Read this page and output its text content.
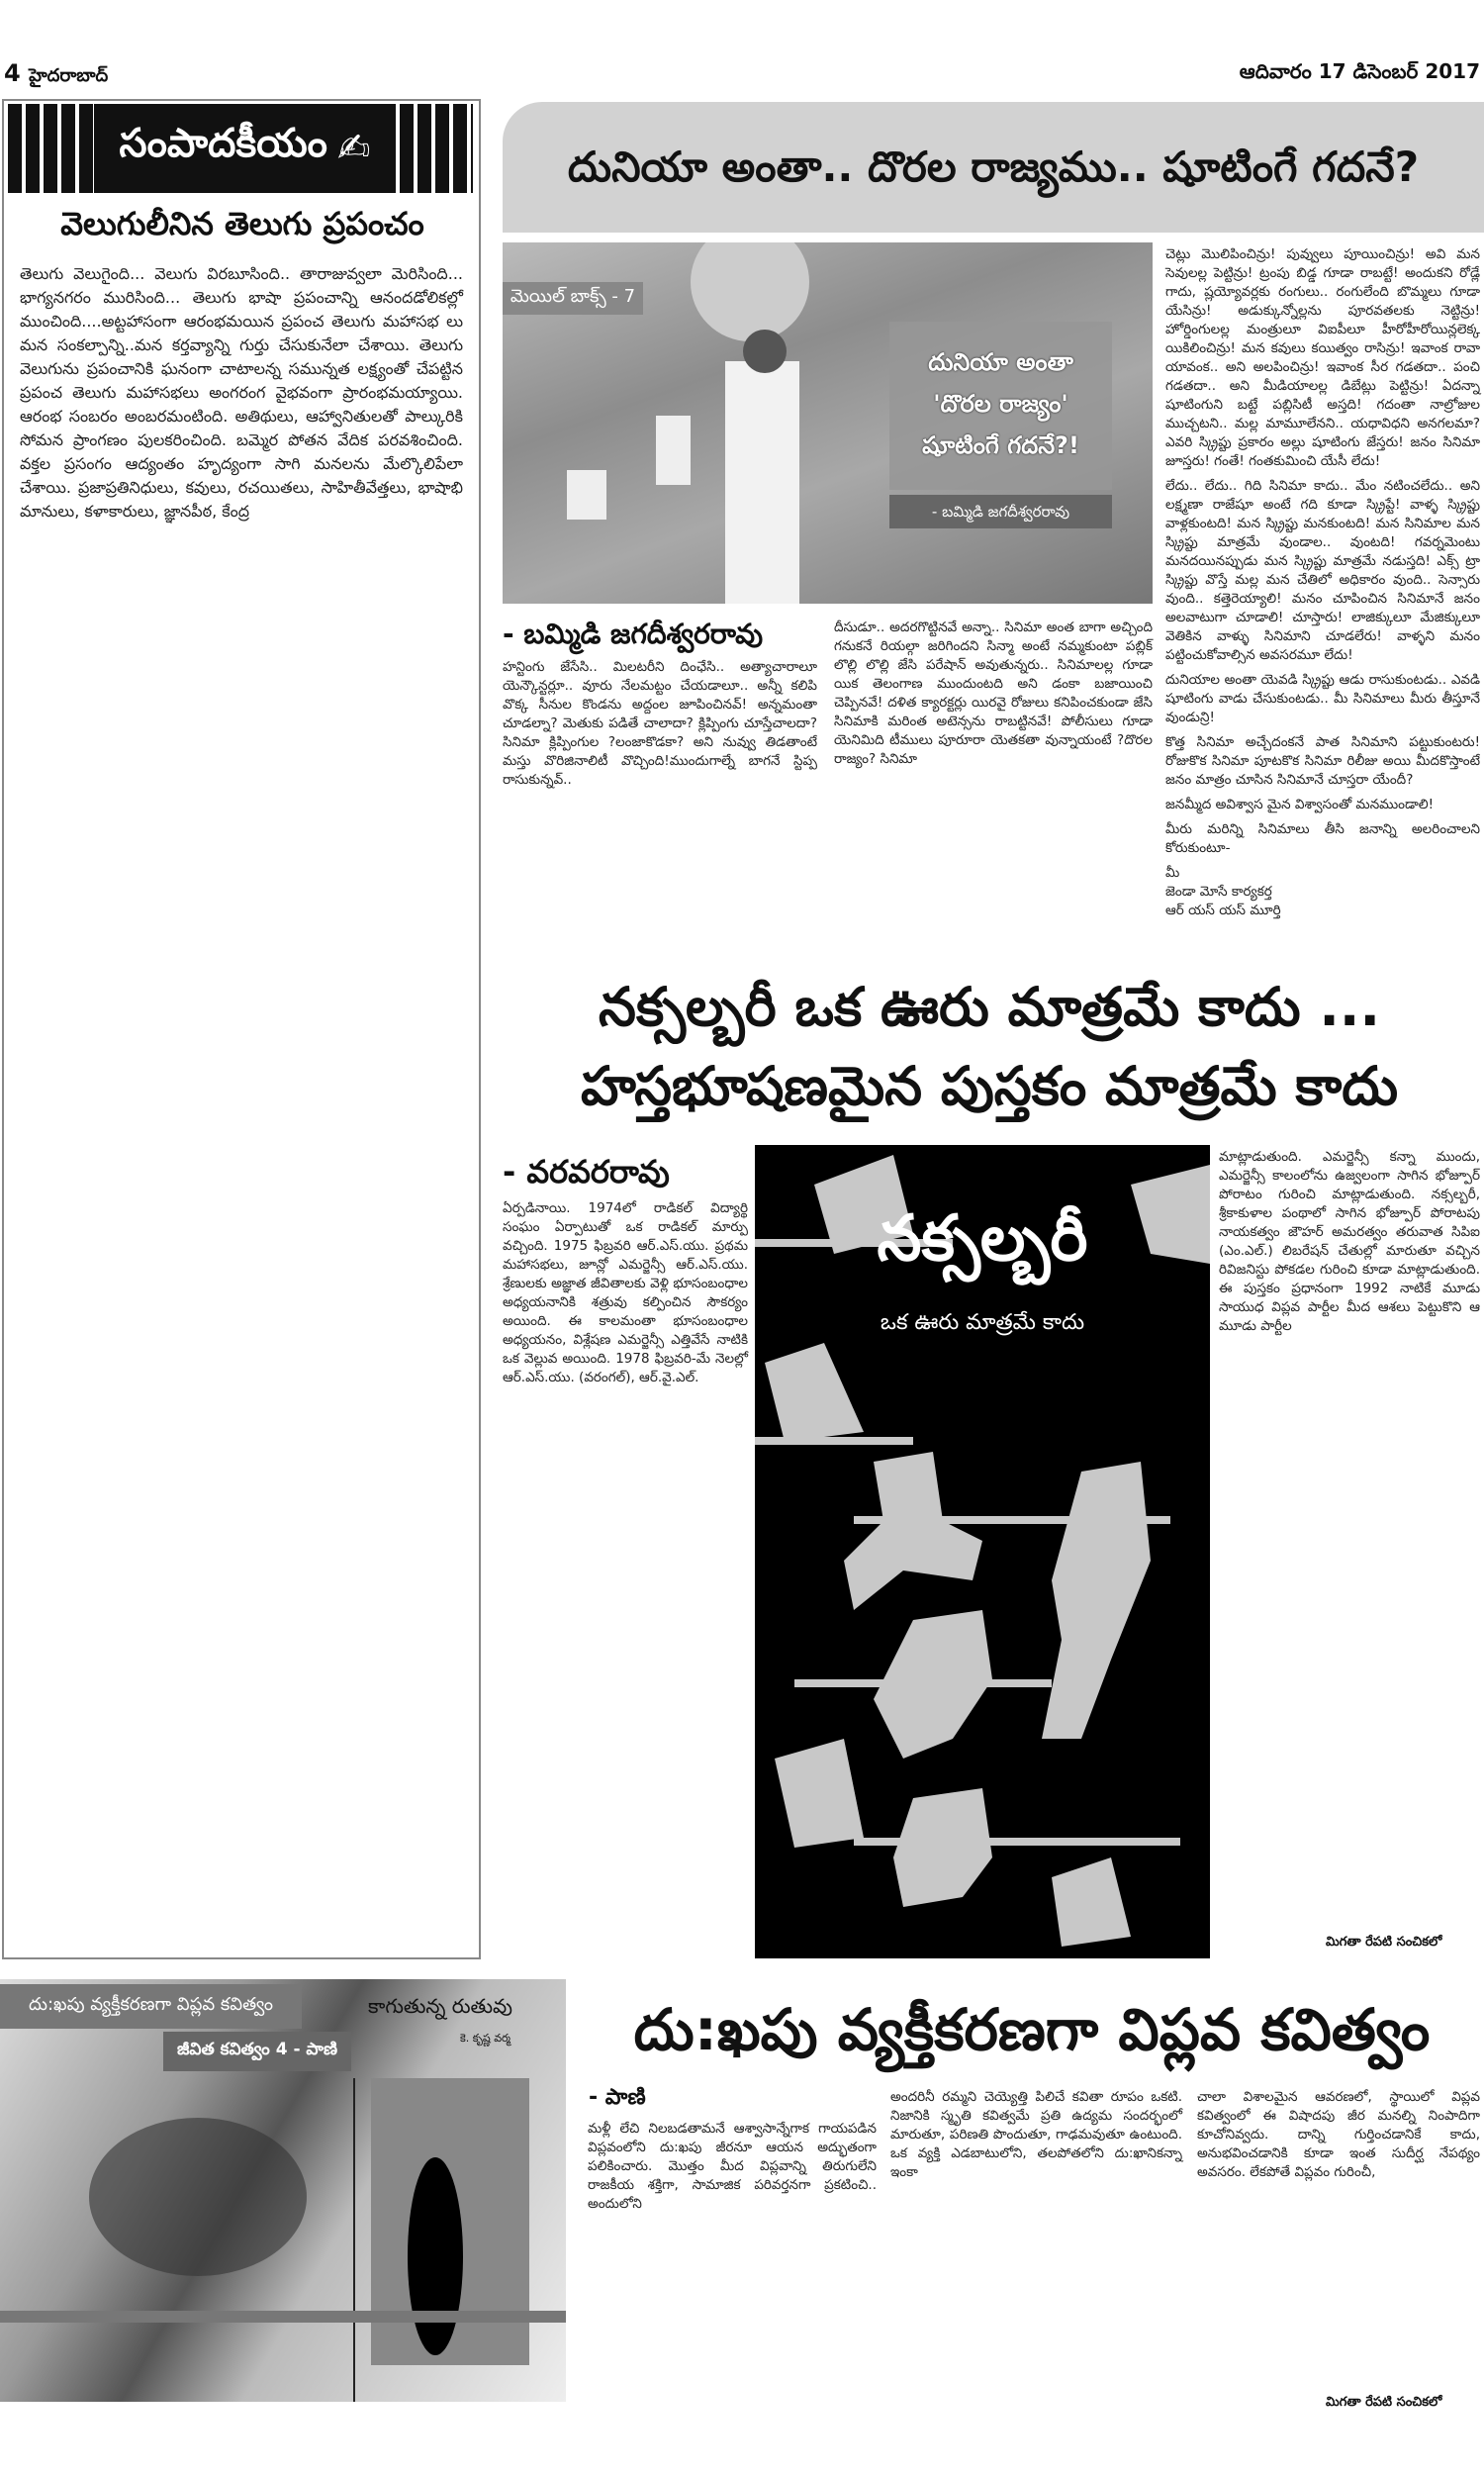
4 హైదరాబాద్	ఆదివారం 17 డిసెంబర్ 2017
సంపాదకీయం ✍
వెలుగులీనిన తెలుగు ప్రపంచం

తెలుగు వెలుగైంది... వెలుగు విరబూసింది.. తారాజువ్వలా మెరిసింది... భాగ్యనగరం మురిసింది... తెలుగు భాషా ప్రపంచాన్ని ఆనందడోలికల్లో ముంచింది....అట్టహాసంగా ఆరంభమయిన ప్రపంచ తెలుగు మహాసభ లు మన సంకల్పాన్ని..మన కర్తవ్యాన్ని గుర్తు చేసుకునేలా చేశాయి. తెలుగు వెలుగును ప్రపంచానికి ఘనంగా చాటాలన్న సమున్నత లక్ష్యంతో చేపట్టిన ప్రపంచ తెలుగు మహాసభలు అంగరంగ వైభవంగా ప్రారంభమయ్యాయి. ఆరంభ సంబరం అంబరమంటింది. అతిథులు, ఆహ్వానితులతో పాల్కురికి సోమన ప్రాంగణం పులకరించింది. బమ్మెర పోతన వేదిక పరవశించింది. వక్తల ప్రసంగం ఆద్యంతం హృద్యంగా సాగి మనలను మేల్కొలిపేలా చేశాయి. ప్రజాప్రతినిధులు, కవులు, రచయితలు, సాహితీవేత్తలు, భాషాభి మానులు, కళాకారులు, జ్ఞానపీఠ, కేంద్ర

దునియా అంతా.. దొరల రాజ్యము.. షూటింగే గదనే?
మెయిల్ బాక్స్ - 7
దునియా అంతా
'దొరల రాజ్యం'
షూటింగే గదనే?!
- బమ్మిడి జగదీశ్వరరావు
- బమ్మిడి జగదీశ్వరరావు

హన్టింగు జేసేసి.. మిలటరీని దింఛేసి.. అత్యాచారాలూ యెన్కౌన్టర్లూ.. వూరు నేలమట్టం చేయడాలూ.. అన్నీ కలిపి వొక్క సీనుల కొండను అద్దంల జూపించినవ్! అన్నమంతా చూడల్నా? మెతుకు పడితే చాలాదా? క్లిప్పింగు చూస్తేచాలదా?సినిమా క్లిప్పింగుల ?లంజాకొడకా? అని నువ్వు తిడతాంటే మస్తు వొరిజినాలిటీ వొచ్చింది!ముందుగాల్నే బాగనే స్టిప్ప రాసుకున్నవ్..

దీసుడూ.. అదరగొట్టినవే అన్నా.. సినిమా అంత బాగా అచ్చింది గనుకనే రియల్గా జరిగిందని సిన్మా అంటే నమ్మకుంటా పబ్లిక్ లొల్లి లొల్లి జేసి పరేషాన్ అవుతున్నరు.. సినిమాలల్ల గూడా యిక తెలంగాణ ముందుంటది అని డంకా బజాయించి చెప్పినవే! దళిత క్యారక్టర్లు యిరవై రోజులు కనిపించకుండా జేసి సినిమాకి మరింత అటెన్సను రాబట్టినవే! పోలీసులు గూడా యెనిమిది టీములు పూరూరా యెతకతా వున్నాయంటే ?దొరల రాజ్యం? సినిమా

చెట్లు మొలిపించిన్రు! పువ్వులు పూయించిన్రు! అవి మన సెవులల్ల పెట్టిన్రు! ట్రంపు బిడ్డ గూడా రాబట్టే! అందుకని రోడ్లే గాదు, ష్లయ్యోవర్లకు రంగులు.. రంగులేంది బొమ్మలు గూడా యేసిన్రు! అడుక్కున్నోల్లను పూరవతలకు నెట్టిన్రు! హోర్డింగులల్ల మంత్రులూ విఐపీలూ హీరోహీరోయిన్లలెక్క యికిలించిన్రు! మన కవులు కయిత్వం రాసిన్రు! ఇవాంక రావా యావంక.. అని అలపించిన్రు! ఇవాంక సీర గడతదా.. పంచి గడతదా.. అని మీడియాలల్ల డిబేట్లు పెట్టిన్రు! ఏదన్నా షూటింగుని బట్టే పబ్లిసిటీ అస్తది! గదంతా నాల్రోజుల ముచ్చటని.. మల్ల మామూలేనని.. యధావిధని అనగలమా? ఎవరి స్క్రిప్టు ప్రకారం అల్లు షూటింగు జేస్తరు! జనం సినిమా జూస్తరు! గంతే! గంతకుమించి యేసీ లేదు!

లేదు.. లేదు.. గిది సినిమా కాదు.. మేం నటించలేదు.. అని లక్ష్మణా రాజేషూ అంటే గది కూడా స్క్రిప్టే! వాళ్ళ స్క్రిప్టు వాళ్లకుంటది! మన స్క్రిప్టు మనకుంటది! మన సినిమాల మన స్క్రిప్టు మాత్రమే వుండాల.. వుంటది! గవర్నమెంటు మనదయినప్పుడు మన స్క్రిప్టు మాత్రమే నడుస్తది! ఎక్స్ ట్రా స్క్రిప్టు వొస్తే మల్ల మన చేతిలో అధికారం వుంది.. సెన్సారు వుంది.. కత్తెరెయ్యాలి! మనం చూపించిన సినిమానే జనం అలవాటుగా చూడాలి! చూస్తారు! లాజిక్కులూ మేజిక్కులూ వెతికిన వాళ్ళు సినిమాని చూడలేరు! వాళ్ళని మనం పట్టించుకోవాల్సిన అవసరమూ లేదు!

దునియాల అంతా యెవడి స్క్రిప్టు ఆడు రాసుకుంటడు.. ఎవడి షూటింగు వాడు చేసుకుంటడు.. మీ సినిమాలు మీరు తీస్తూనే వుండున్రి!

కొత్త సినిమా అచ్చేదంకనే పాత సినిమాని పట్టుకుంటరు! రోజుకొక సినిమా పూటకొక సినిమా రిలీజు అయి మీదకొస్తాంటే జనం మాత్రం చూసిన సినిమానే చూస్తరా యేందీ?

జనమ్మీద అవిశ్వాస మైన విశ్వాసంతో మనముండాలి!

మీరు మరిన్ని సినిమాలు తీసి జనాన్ని అలరించాలని కోరుకుంటూ-

మీ
జెండా మోసే కార్యకర్త
ఆర్ యస్ యస్ మూర్తి
నక్సల్బరీ ఒక ఊరు మాత్రమే కాదు ...
హస్తభూషణమైన పుస్తకం మాత్రమే కాదు
- వరవరరావు

ఏర్పడినాయి. 1974లో రాడికల్ విద్యార్థి సంఘం ఏర్పాటుతో ఒక రాడికల్ మార్పు వచ్చింది. 1975 ఫిబ్రవరి ఆర్.ఎస్.యు. ప్రథమ మహాసభలు, జూన్లో ఎమర్జెన్సీ ఆర్.ఎస్.యు. శ్రేణులకు అజ్ఞాత జీవితాలకు వెళ్లి భూసంబంధాల అధ్యయనానికి శత్రువు కల్పించిన సౌకర్యం అయింది. ఈ కాలమంతా భూసంబంధాల అధ్యయనం, విశ్లేషణ ఎమర్జెన్సీ ఎత్తివేసే నాటికి ఒక వెల్లువ అయింది. 1978 ఫిబ్రవరి-మే నెలల్లో ఆర్.ఎస్.యు. (వరంగల్), ఆర్.వై.ఎల్.

నక్సల్బరీ
ఒక ఊరు మాత్రమే కాదు

మాట్లాడుతుంది. ఎమర్జెన్సీ కన్నా ముందు, ఎమర్జెన్సీ కాలంలోను ఉజ్వలంగా సాగిన భోజ్పూర్ పోరాటం గురించి మాట్లాడుతుంది. నక్సల్బరీ, శ్రీకాకుళాల పంథాలో సాగిన భోజ్పూర్ పోరాటపు నాయకత్వం జౌహర్ అమరత్వం తరువాత సిపిఐ (ఎం.ఎల్.) లిబరేషన్ చేతుల్లో మారుతూ వచ్చిన రివిజనిస్టు పోకడల గురించి కూడా మాట్లాడుతుంది. ఈ పుస్తకం ప్రధానంగా 1992 నాటికే మూడు సాయుధ విప్లవ పార్టీల మీద ఆశలు పెట్టుకొని ఆ మూడు పార్టీల

మిగతా రేపటి సంచికలో
దు:ఖపు వ్యక్తీకరణగా విప్లవ కవిత్వం
జీవిత కవిత్వం 4 - పాణి
కాగుతున్న రుతువు
కె. కృష్ణ వర్మ	దు:ఖపు వ్యక్తీకరణగా విప్లవ కవిత్వం
- పాణి

మళ్లీ లేచి నిలబడతామనే ఆశ్వాసాన్నేగాక గాయపడిన విప్లవంలోని దు:ఖపు జీరనూ ఆయన అద్భుతంగా పలికించారు. మొత్తం మీద విప్లవాన్ని తిరుగులేని రాజకీయ శక్తిగా, సామాజిక పరివర్తనగా ప్రకటించి.. అందులోని

అందరినీ రమ్మని చెయ్యెత్తి పిలిచే కవితా రూపం ఒకటి. నిజానికి స్మృతి కవిత్వమే ప్రతి ఉద్యమ సందర్భంలో మారుతూ, పరిణతి పొందుతూ, గాఢమవుతూ ఉంటుంది. ఒక వ్యక్తి ఎడబాటులోని, తలపోతలోని దు:ఖానికన్నా ఇంకా

చాలా విశాలమైన ఆవరణలో, స్థాయిలో విప్లవ కవిత్వంలో ఈ విషాదపు జీర మనల్ని నింపాదిగా కూచోనివ్వదు. దాన్ని గుర్తించడానికే కాదు, అనుభవించడానికి కూడా ఇంత సుదీర్ఘ నేపథ్యం అవసరం. లేకపోతే విప్లవం గురించీ,

మిగతా రేపటి సంచికలో
